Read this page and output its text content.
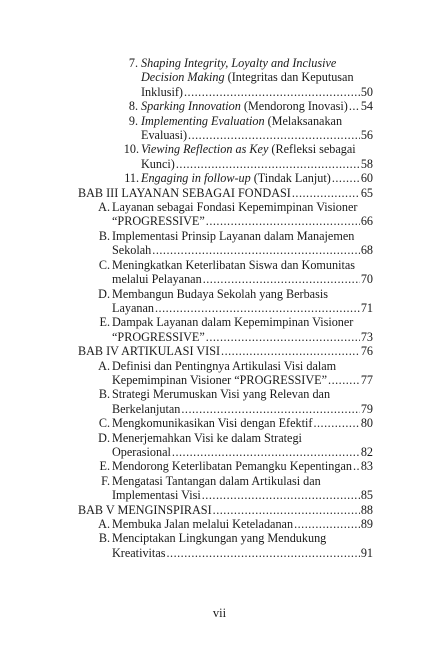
7. Shaping Integrity, Loyalty and Inclusive
Decision Making (Integritas dan Keputusan
Inklusif) .....	50
8. Sparking Innovation (Mendorong Inovasi) ..... 54
9. Implementing Evaluation (Melaksanakan
Evaluasi) .....	56
10. Viewing Reflection as Key (Refleksi sebagai
Kunci) .....	58
11. Engaging in follow-up (Tindak Lanjut) ..... 60
BAB III LAYANAN SEBAGAI FONDASI .....	65
A. Layanan sebagai Fondasi Kepemimpinan Visioner
“PROGRESSIVE” .....	66
B. Implementasi Prinsip Layanan dalam Manajemen
Sekolah .....	68
C. Meningkatkan Keterlibatan Siswa dan Komunitas
melalui Pelayanan .....	70
D. Membangun Budaya Sekolah yang Berbasis
Layanan .....	71
E. Dampak Layanan dalam Kepemimpinan Visioner
“PROGRESSIVE” .....	73
BAB IV ARTIKULASI VISI .....	76
A. Definisi dan Pentingnya Artikulasi Visi dalam
Kepemimpinan Visioner “PROGRESSIVE” .....	77
B. Strategi Merumuskan Visi yang Relevan dan
Berkelanjutan .....	79
C. Mengkomunikasikan Visi dengan Efektif .....	80
D. Menerjemahkan Visi ke dalam Strategi
Operasional .....	82
E. Mendorong Keterlibatan Pemangku Kepentingan ..... 83
F. Mengatasi Tantangan dalam Artikulasi dan
Implementasi Visi .....	85
BAB V MENGINSPIRASI .....	88
A. Membuka Jalan melalui Keteladanan .....	89
B. Menciptakan Lingkungan yang Mendukung
Kreativitas .....	91
vii
